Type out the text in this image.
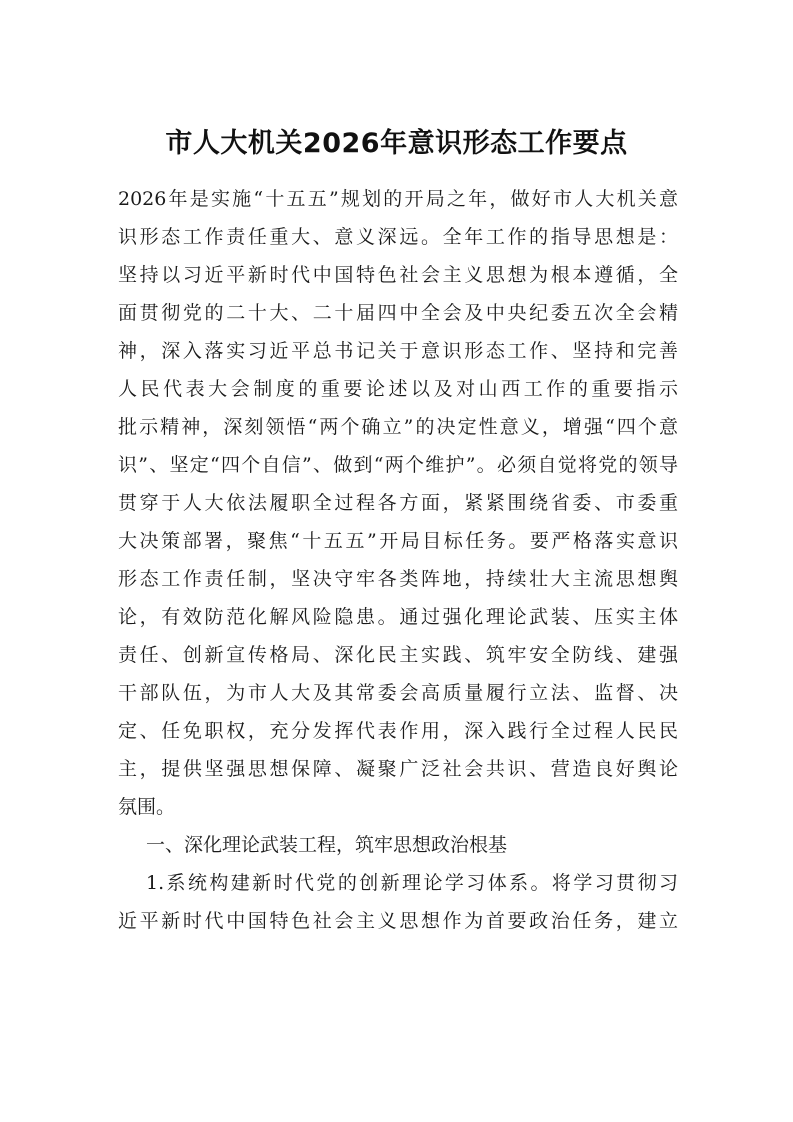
市人大机关2026年意识形态工作要点
2026年是实施“十五五”规划的开局之年，做好市人大机关意
识形态工作责任重大、意义深远。全年工作的指导思想是：
坚持以习近平新时代中国特色社会主义思想为根本遵循，全
面贯彻党的二十大、二十届四中全会及中央纪委五次全会精
神，深入落实习近平总书记关于意识形态工作、坚持和完善
人民代表大会制度的重要论述以及对山西工作的重要指示
批示精神，深刻领悟“两个确立”的决定性意义，增强“四个意
识”、坚定“四个自信”、做到“两个维护”。必须自觉将党的领导
贯穿于人大依法履职全过程各方面，紧紧围绕省委、市委重
大决策部署，聚焦“十五五”开局目标任务。要严格落实意识
形态工作责任制，坚决守牢各类阵地，持续壮大主流思想舆
论，有效防范化解风险隐患。通过强化理论武装、压实主体
责任、创新宣传格局、深化民主实践、筑牢安全防线、建强
干部队伍，为市人大及其常委会高质量履行立法、监督、决
定、任免职权，充分发挥代表作用，深入践行全过程人民民
主，提供坚强思想保障、凝聚广泛社会共识、营造良好舆论
氛围。
一、深化理论武装工程，筑牢思想政治根基
1.系统构建新时代党的创新理论学习体系。将学习贯彻习
近平新时代中国特色社会主义思想作为首要政治任务，建立
